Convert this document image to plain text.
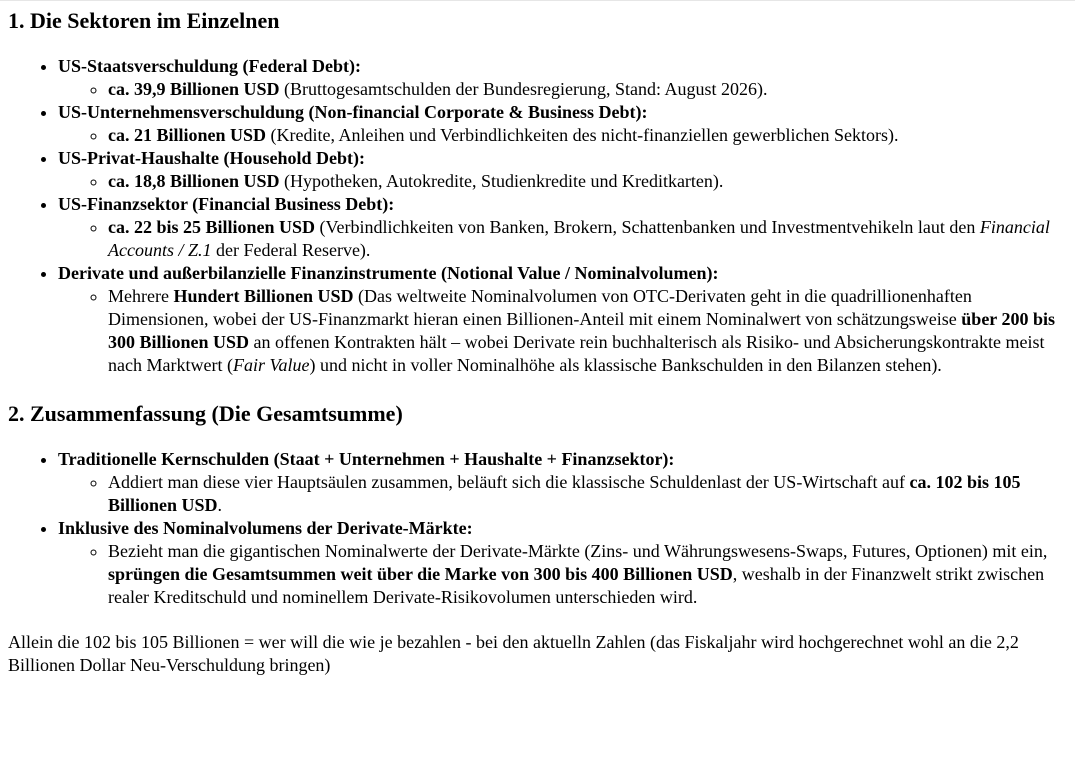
1. Die Sektoren im Einzelnen
• US-Staatsverschuldung (Federal Debt):
◦ ca. 39,9 Billionen USD (Bruttogesamtschulden der Bundesregierung, Stand: August 2026).
• US-Unternehmensverschuldung (Non-financial Corporate & Business Debt):
◦ ca. 21 Billionen USD (Kredite, Anleihen und Verbindlichkeiten des nicht-finanziellen gewerblichen Sektors).
• US-Privat-Haushalte (Household Debt):
◦ ca. 18,8 Billionen USD (Hypotheken, Autokredite, Studienkredite und Kreditkarten).
• US-Finanzsektor (Financial Business Debt):
◦ ca. 22 bis 25 Billionen USD (Verbindlichkeiten von Banken, Brokern, Schattenbanken und Investmentvehikeln laut den Financial Accounts / Z.1 der Federal Reserve).
• Derivate und außerbilanzielle Finanzinstrumente (Notional Value / Nominalvolumen):
◦ Mehrere Hundert Billionen USD (Das weltweite Nominalvolumen von OTC-Derivaten geht in die quadrillionenhaften Dimensionen, wobei der US-Finanzmarkt hieran einen Billionen-Anteil mit einem Nominalwert von schätzungsweise über 200 bis 300 Billionen USD an offenen Kontrakten hält – wobei Derivate rein buchhalterisch als Risiko- und Absicherungskontrakte meist nach Marktwert (Fair Value) und nicht in voller Nominalhöhe als klassische Bankschulden in den Bilanzen stehen).
2. Zusammenfassung (Die Gesamtsumme)
• Traditionelle Kernschulden (Staat + Unternehmen + Haushalte + Finanzsektor):
◦ Addiert man diese vier Hauptsäulen zusammen, beläuft sich die klassische Schuldenlast der US-Wirtschaft auf ca. 102 bis 105 Billionen USD.
• Inklusive des Nominalvolumens der Derivate-Märkte:
◦ Bezieht man die gigantischen Nominalwerte der Derivate-Märkte (Zins- und Währungswesens-Swaps, Futures, Optionen) mit ein, sprüngen die Gesamtsummen weit über die Marke von 300 bis 400 Billionen USD, weshalb in der Finanzwelt strikt zwischen realer Kreditschuld und nominellem Derivate-Risikovolumen unterschieden wird.

Allein die 102 bis 105 Billionen = wer will die wie je bezahlen - bei den aktuelln Zahlen (das Fiskaljahr wird hochgerechnet wohl an die 2,2 Billionen Dollar Neu-Verschuldung bringen)
